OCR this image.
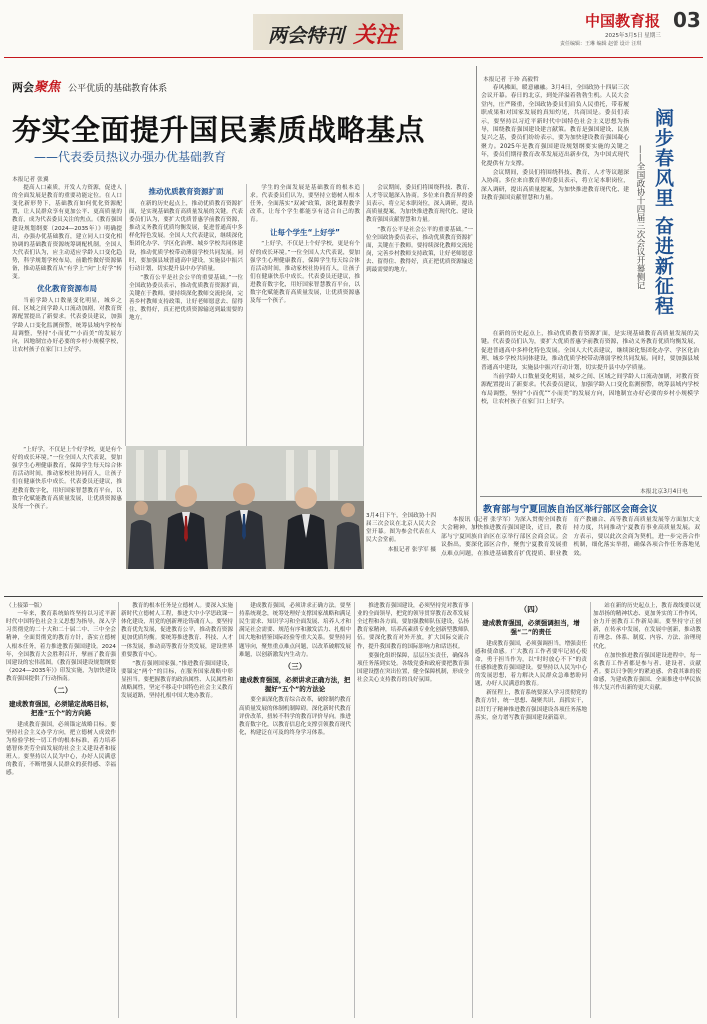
两会特刊 关注
中国教育报 03
2025年3月5日 星期三
责任编辑：王琳 编辑 赵蕾 设计 汪琪
两会聚焦 公平优质的基础教育体系
夯实全面提升国民素质战略基点
——代表委员热议办强办优基础教育
本报记者 张翼

提高人口素质，开发人力资源，促进人的全面发展是教育的重要功能定位。在人口变化新形势下，基础教育如何优化资源配置，让人民群众享有更加公平、更高质量的教育，成为代表委员关注的焦点。《教育强国建设规划纲要（2024—2035年）》明确提出，办强办优基础教育，建立同人口变化相协调的基础教育资源统筹调配机制。全国人大代表们认为，应主动适应学龄人口变化趋势，科学规划学校布局，前瞻性做好资源储备，推动基础教育从“有学上”向“上好学”转变。

优化教育资源布局

当前学龄人口数量变化明显，城乡之间、区域之间学龄人口流动加剧，对教育资源配置提出了新要求。代表委员建议，加强学龄人口变化监测预警，统筹县域内学校布局调整，坚持“小而优”“小而美”的发展方向，因地制宜办好必要的乡村小规模学校，让农村孩子在家门口上好学。

推动优质教育资源扩面

在新的历史起点上，推动优质教育资源扩面，是实现基础教育高质量发展的关键。代表委员们认为，要扩大优质普惠学前教育资源，推动义务教育优质均衡发展，促进普通高中多样化特色发展。全国人大代表建议，继续深化集团化办学、学区化治理、城乡学校共同体建设，推动优质学校带动薄弱学校共同发展。同时，要加强县域普通高中建设，实施县中振兴行动计划，切实提升县中办学质量。

“教育公平是社会公平的重要基础。”一位全国政协委员表示，推动优质教育资源扩面，关键在于教师。要持续深化教师交流轮岗，完善乡村教师支持政策，让好老师愿意去、留得住、教得好，真正把优质资源输送到最需要的地方。

学生的全面发展是基础教育的根本追求。代表委员们认为，要坚持立德树人根本任务，全面落实“双减”政策，深化课程教学改革，让每个学生都能享有适合自己的教育。

让每个学生“上好学”

“上好学，不仅是上个好学校，更是有个好的成长环境。”一位全国人大代表说，要加强学生心理健康教育，保障学生每天综合体育活动时间，推动家校社协同育人，让孩子们在健康快乐中成长。代表委员还建议，推进教育数字化，用好国家智慧教育平台，以数字化赋能教育高质量发展，让优质资源惠及每一个孩子。

会议期间，委员们将围绕科技、教育、人才等议题深入协商。多位来自教育界的委员表示，将立足本职岗位，深入调研，提出高质量提案，为加快推进教育现代化、建设教育强国贡献智慧和力量。

“教育公平是社会公平的重要基础。”一位全国政协委员表示，推动优质教育资源扩面，关键在于教师。要持续深化教师交流轮岗，完善乡村教师支持政策，让好老师愿意去、留得住、教得好，真正把优质资源输送到最需要的地方。

3月4日下午，全国政协十四届三次会议在北京人民大会堂开幕。图为参会代表在人民大会堂前。
本报记者 张学军 摄

“上好学，不仅是上个好学校，更是有个好的成长环境。”一位全国人大代表说，要加强学生心理健康教育，保障学生每天综合体育活动时间，推动家校社协同育人，让孩子们在健康快乐中成长。代表委员还建议，推进教育数字化，用好国家智慧教育平台，以数字化赋能教育高质量发展，让优质资源惠及每一个孩子。

本报记者 于珍 高毅哲
阔步春风里 奋进新征程
——全国政协十四届三次会议开幕侧记

春风拂面，暖意融融。3月4日，全国政协十四届三次会议开幕。春日的北京，到处洋溢着勃勃生机。人民大会堂内，庄严隆重，全国政协委员们肩负人民重托，带着履职成果和对国家发展的真知灼见，共商国是。委员们表示，要坚持以习近平新时代中国特色社会主义思想为指导，围绕教育强国建设建言献策。教育是强国建设、民族复兴之基，委员们纷纷表示，要为加快建设教育强国凝心聚力。2025年是教育强国建设规划纲要实施的关键之年，委员们期待教育改革发展迈出新步伐，为中国式现代化提供有力支撑。

会议期间，委员们将围绕科技、教育、人才等议题深入协商。多位来自教育界的委员表示，将立足本职岗位，深入调研，提出高质量提案，为加快推进教育现代化、建设教育强国贡献智慧和力量。

在新的历史起点上，推动优质教育资源扩面，是实现基础教育高质量发展的关键。代表委员们认为，要扩大优质普惠学前教育资源，推动义务教育优质均衡发展，促进普通高中多样化特色发展。全国人大代表建议，继续深化集团化办学、学区化治理、城乡学校共同体建设，推动优质学校带动薄弱学校共同发展。同时，要加强县域普通高中建设，实施县中振兴行动计划，切实提升县中办学质量。

当前学龄人口数量变化明显，城乡之间、区域之间学龄人口流动加剧，对教育资源配置提出了新要求。代表委员建议，加强学龄人口变化监测预警，统筹县域内学校布局调整，坚持“小而优”“小而美”的发展方向，因地制宜办好必要的乡村小规模学校，让农村孩子在家门口上好学。

本报北京3月4日电
教育部与宁夏回族自治区举行部区会商会议

本报讯（记者 张学军）为深入贯彻全国教育大会精神，加快推进教育强国建设，近日，教育部与宁夏回族自治区在京举行部区会商会议。会议指出，要深化部区合作，聚焦宁夏教育发展重点难点问题，在推进基础教育扩优提质、职业教育产教融合、高等教育高质量发展等方面加大支持力度，共同推动宁夏教育事业高质量发展。双方表示，要以此次会商为契机，进一步完善合作机制，细化落实举措，确保各项合作任务落地见效。

（上接第一版）

一年来，教育系统始终坚持以习近平新时代中国特色社会主义思想为指导，深入学习贯彻党的二十大和二十届二中、三中全会精神，全面贯彻党的教育方针，落实立德树人根本任务，着力推进教育强国建设。2024年，全国教育大会胜利召开，擘画了教育强国建设的宏伟蓝图。《教育强国建设规划纲要（2024—2035年）》印发实施，为加快建设教育强国提供了行动指南。

（二）
建成教育强国，必须锚定战略目标，把准“五个”的方向路

建成教育强国，必须锚定战略目标。要坚持社会主义办学方向，把立德树人成效作为检验学校一切工作的根本标准，着力培养德智体美劳全面发展的社会主义建设者和接班人。要坚持以人民为中心，办好人民满意的教育，不断增强人民群众的获得感、幸福感。

教育的根本任务是立德树人。要深入实施新时代立德树人工程，推进大中小学思政课一体化建设，用党的创新理论铸魂育人。要坚持教育优先发展，促进教育公平，推动教育资源更加优质均衡。要统筹推进教育、科技、人才一体发展，推动高等教育分类发展，建设世界重要教育中心。

“教育强则国家强。”推进教育强国建设，要锚定“两个”的目标，在服务国家战略中彰显担当。要把握教育的政治属性、人民属性和战略属性，坚定不移走中国特色社会主义教育发展道路，坚持扎根中国大地办教育。

建成教育强国，必须讲求正确方法。要坚持系统观念，统筹处理好支撑国家战略和满足民生需求、知识学习和全面发展、培养人才和满足社会需要、规范有序和激发活力、扎根中国大地和借鉴国际经验等重大关系。要坚持问题导向，聚焦重点难点问题，以改革破解发展难题，以创新激发内生动力。

（三）
建成教育强国，必须讲求正确方法，把握好“五个”的方法论

要全面深化教育综合改革，破除制约教育高质量发展的体制机制障碍。深化新时代教育评价改革，扭转不科学的教育评价导向。推进教育数字化，以教育信息化支撑引领教育现代化，构建泛在可及的终身学习体系。

推进教育强国建设，必须坚持党对教育事业的全面领导，把党的领导贯穿教育改革发展全过程和各方面。要加强教师队伍建设，弘扬教育家精神，培养高素质专业化创新型教师队伍。要深化教育对外开放，扩大国际交流合作，提升我国教育的国际影响力和话语权。

要强化组织保障，层层压实责任，确保各项任务落到实处。各级党委和政府要把教育强国建设摆在突出位置，健全保障机制，形成全社会关心支持教育的良好氛围。

（四）
建成教育强国，必须强调担当，增强“二”的责任

建成教育强国，必须强调担当，增强责任感和使命感。广大教育工作者要牢记初心使命，勇于担当作为，以“时时放心不下”的责任感推进教育强国建设。要坚持以人民为中心的发展思想，着力解决人民群众急难愁盼问题，办好人民满意的教育。

新征程上，教育系统要深入学习贯彻党的教育方针，统一思想、凝聚共识、真抓实干，以钉钉子精神推进教育强国建设各项任务落地落实，奋力谱写教育强国建设新篇章。

站在新的历史起点上，教育战线要以更加昂扬的精神状态、更加务实的工作作风，奋力开创教育工作新局面。要坚持守正创新，在传承中发展，在发展中创新，推动教育理念、体系、制度、内容、方法、治理现代化。

在加快推进教育强国建设进程中，每一名教育工作者都是参与者、建设者、贡献者。要以只争朝夕的紧迫感、舍我其谁的使命感，为建成教育强国、全面推进中华民族伟大复兴作出新的更大贡献。
